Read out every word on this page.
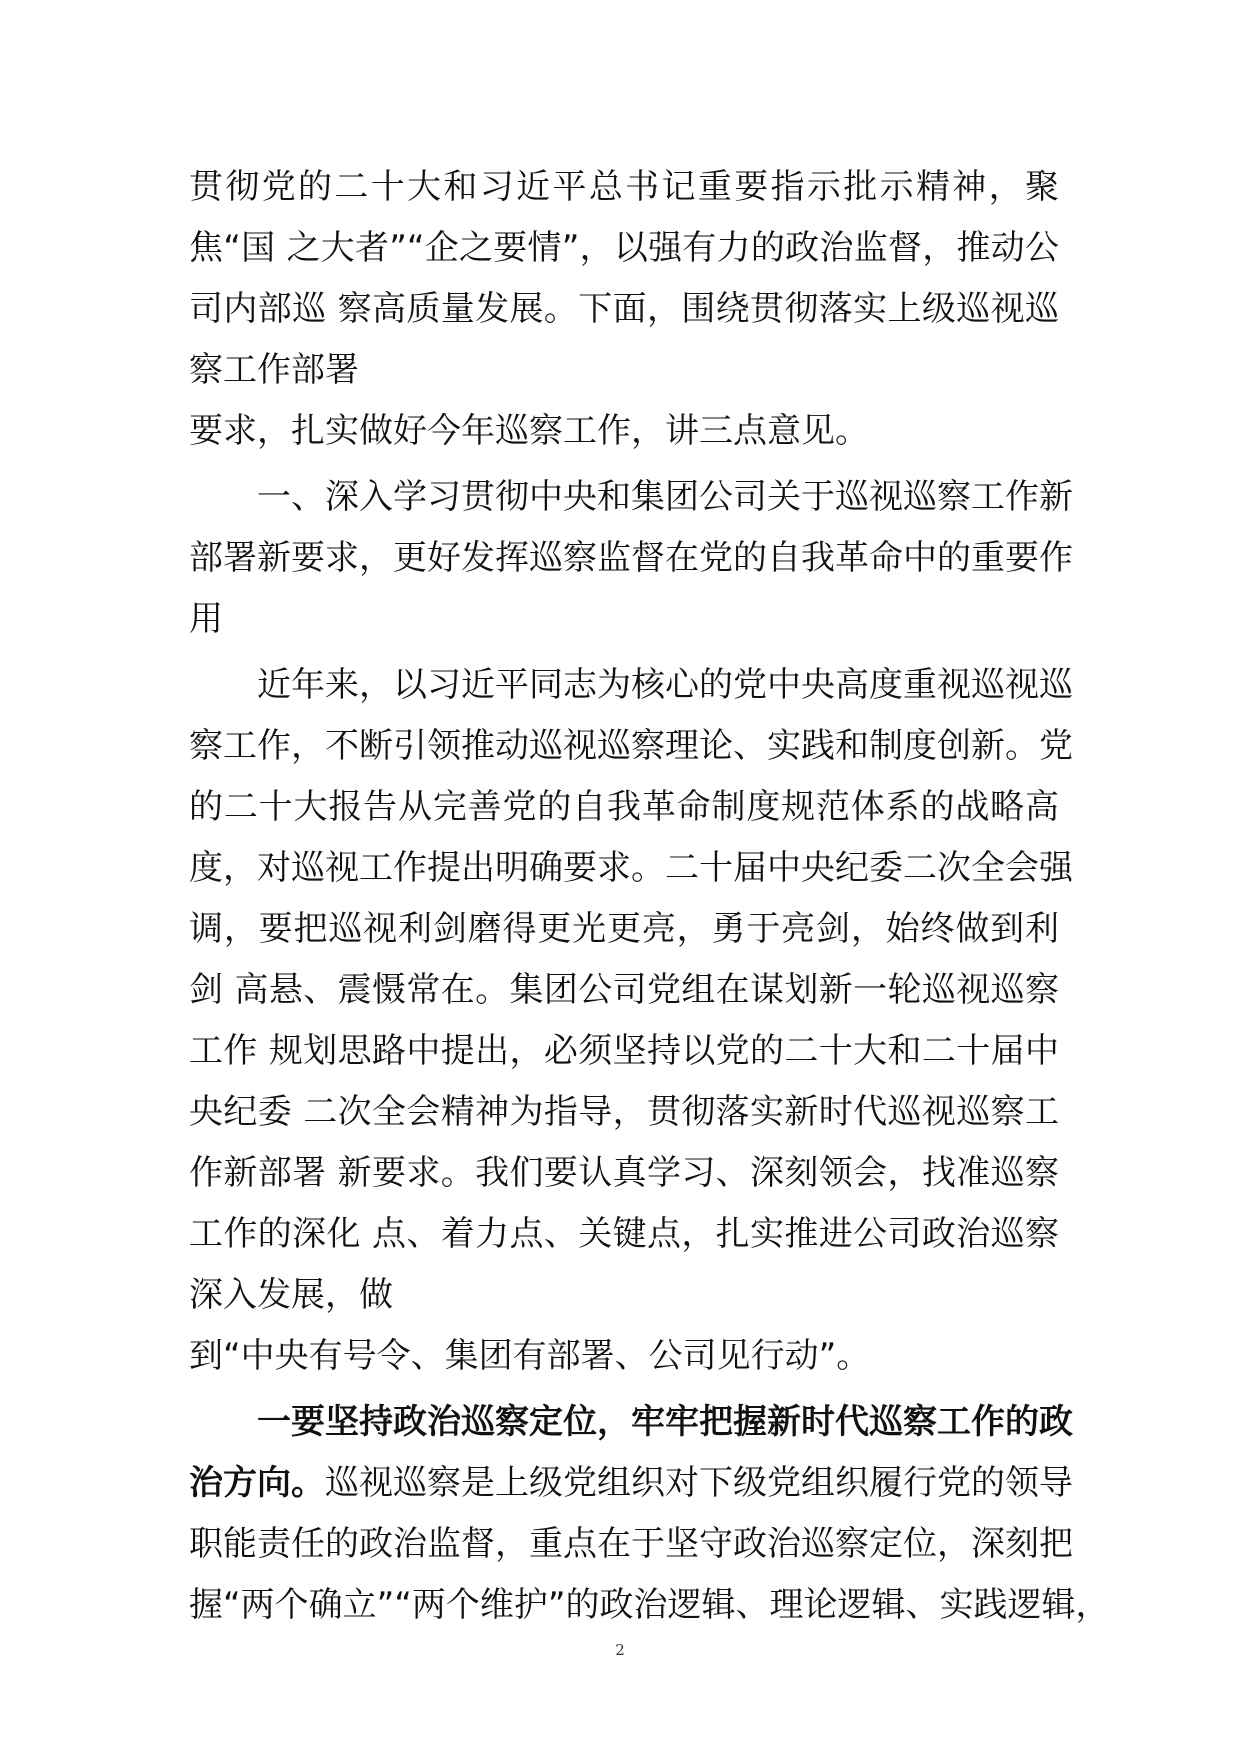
贯彻党的二十大和习近平总书记重要指示批示精神，聚
焦“国 之大者”“企之要情”，以强有力的政治监督，推动公
司内部巡 察高质量发展。下面，围绕贯彻落实上级巡视巡
察工作部署
要求，扎实做好今年巡察工作，讲三点意见。
一、深入学习贯彻中央和集团公司关于巡视巡察工作新
部署新要求，更好发挥巡察监督在党的自我革命中的重要作
用
近年来，以习近平同志为核心的党中央高度重视巡视巡
察工作，不断引领推动巡视巡察理论、实践和制度创新。党
的二十大报告从完善党的自我革命制度规范体系的战略高
度，对巡视工作提出明确要求。二十届中央纪委二次全会强
调，要把巡视利剑磨得更光更亮，勇于亮剑，始终做到利
剑 高悬、震慑常在。集团公司党组在谋划新一轮巡视巡察
工作 规划思路中提出，必须坚持以党的二十大和二十届中
央纪委 二次全会精神为指导，贯彻落实新时代巡视巡察工
作新部署 新要求。我们要认真学习、深刻领会，找准巡察
工作的深化 点、着力点、关键点，扎实推进公司政治巡察
深入发展，做
到“中央有号令、集团有部署、公司见行动”。
一要坚持政治巡察定位，牢牢把握新时代巡察工作的政
治方向。巡视巡察是上级党组织对下级党组织履行党的领导
职能责任的政治监督，重点在于坚守政治巡察定位，深刻把
握“两个确立”“两个维护”的政治逻辑、理论逻辑、实践逻辑，
2
